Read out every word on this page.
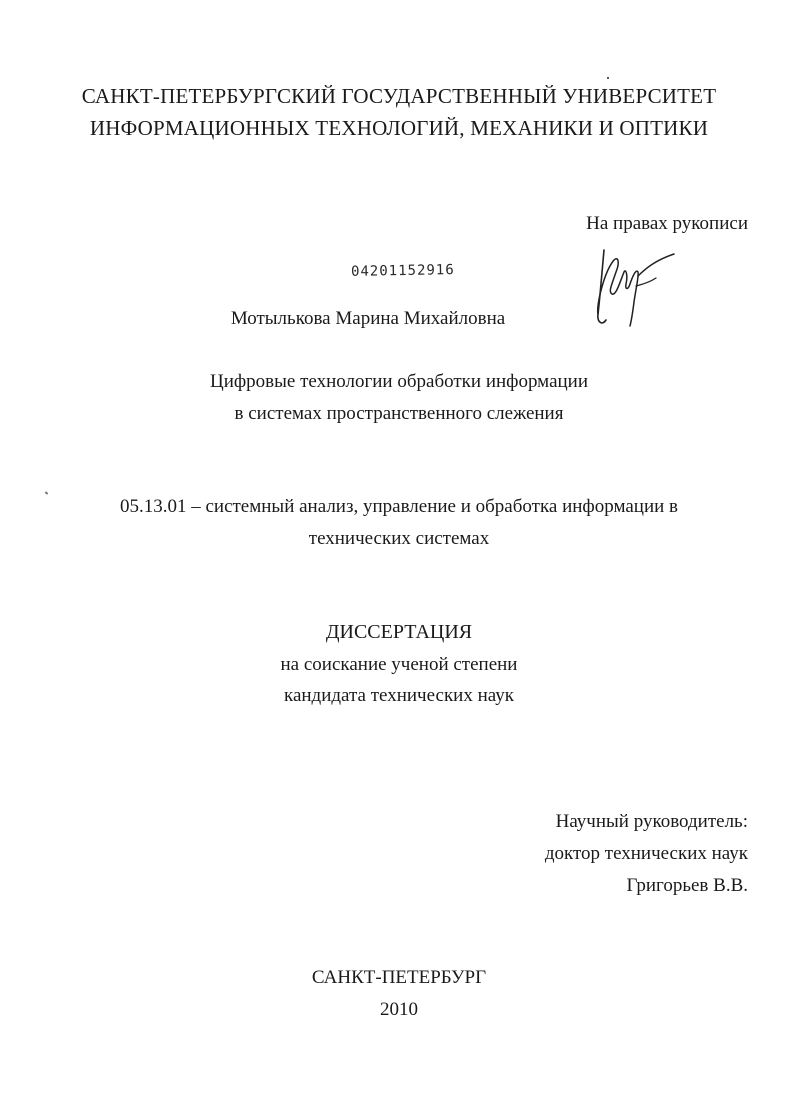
САНКТ-ПЕТЕРБУРГСКИЙ ГОСУДАРСТВЕННЫЙ УНИВЕРСИТЕТ
ИНФОРМАЦИОННЫХ ТЕХНОЛОГИЙ, МЕХАНИКИ И ОПТИКИ
На правах рукописи
04201152916
Мотылькова Марина Михайловна
Цифровые технологии обработки информации
в системах пространственного слежения
05.13.01 – системный анализ, управление и обработка информации в
технических системах
ДИССЕРТАЦИЯ
на соискание ученой степени
кандидата технических наук
Научный руководитель:
доктор технических наук
Григорьев В.В.
САНКТ-ПЕТЕРБУРГ
2010
